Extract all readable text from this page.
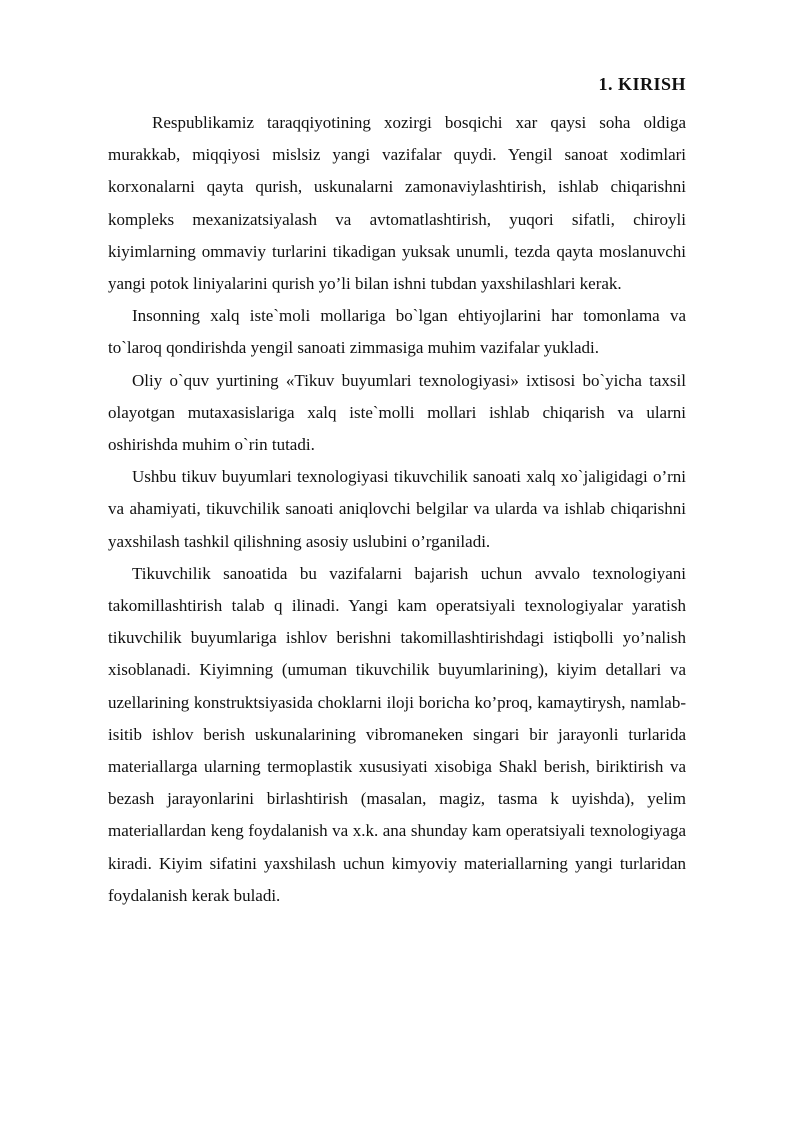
1. KIRISH

Respublikamiz taraqqiyotining xozirgi bosqichi xar qaysi soha oldiga murakkab, miqqiyosi mislsiz yangi vazifalar quydi. Yengil sanoat xodimlari korxonalarni qayta qurish, uskunalarni zamonaviylashtirish, ishlab chiqarishni kompleks mexanizatsiyalash va avtomatlashtirish, yuqori sifatli, chiroyli kiyimlarning ommaviy turlarini tikadigan yuksak unumli, tezda qayta moslanuvchi yangi potok liniyalarini qurish yo’li bilan ishni tubdan yaxshilashlari kerak.

Insonning xalq iste`moli mollariga bo`lgan ehtiyojlarini har tomonlama va to`laroq qondirishda yengil sanoati zimmasiga muhim vazifalar yukladi.

Oliy o`quv yurtining «Tikuv buyumlari texnologiyasi» ixtisosi bo`yicha taxsil olayotgan mutaxasislariga xalq iste`molli mollari ishlab chiqarish va ularni oshirishda muhim o`rin tutadi.

Ushbu tikuv buyumlari texnologiyasi tikuvchilik sanoati xalq xo`jaligidagi o’rni va ahamiyati, tikuvchilik sanoati aniqlovchi belgilar va ularda va ishlab chiqarishni yaxshilash tashkil qilishning asosiy uslubini o’rganiladi.

Tikuvchilik sanoatida bu vazifalarni bajarish uchun avvalo texnologiyani takomillashtirish talab q ilinadi. Yangi kam operatsiyali texnologiyalar yaratish tikuvchilik buyumlariga ishlov berishni takomillashtirishdagi istiqbolli yo’nalish xisoblanadi. Kiyimning (umuman tikuvchilik buyumlarining), kiyim detallari va uzellarining konstruktsiyasida choklarni iloji boricha ko’proq, kamaytirysh, namlab-isitib ishlov berish uskunalarining vibromaneken singari bir jarayonli turlarida materiallarga ularning termoplastik xususiyati xisobiga Shakl berish, biriktirish va bezash jarayonlarini birlashtirish (masalan, magiz, tasma k uyishda), yelim materiallardan keng foydalanish va x.k. ana shunday kam operatsiyali texnologiyaga kiradi. Kiyim sifatini yaxshilash uchun kimyoviy materiallarning yangi turlaridan foydalanish kerak buladi.
